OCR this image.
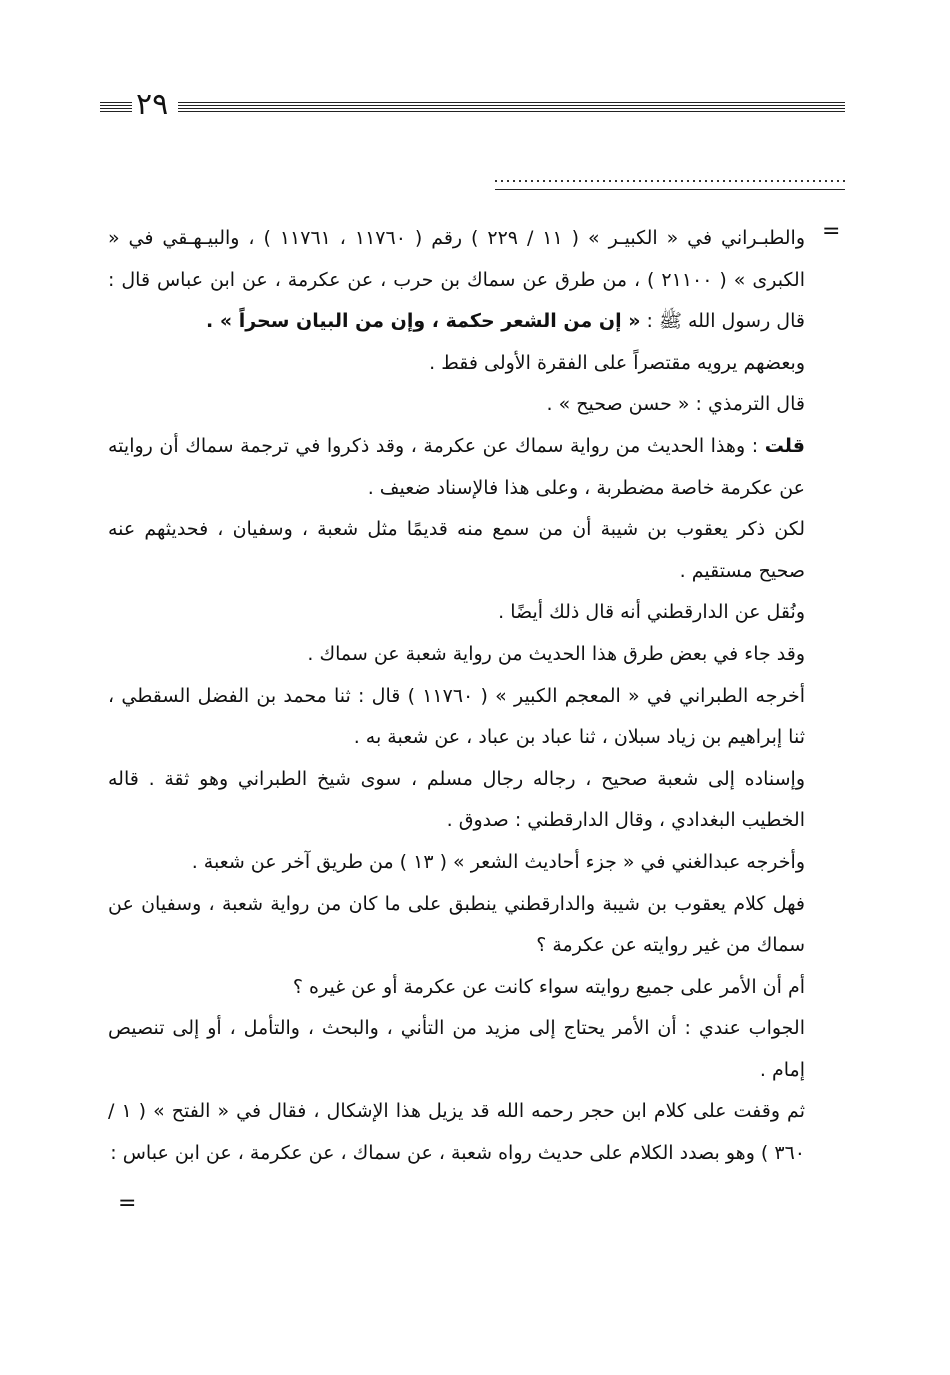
٢٩
=

والطبـراني في « الكبيـر » ( ١١ / ٢٢٩ ) رقم ( ١١٧٦٠ ، ١١٧٦١ ) ، والبيـهـقي في « الكبرى » ( ٢١١٠٠ ) ، من طرق عن سماك بن حرب ، عن عكرمة ، عن ابن عباس قال : قال رسول الله ﷺ : « إن من الشعر حكمة ، وإن من البيان سحراً » .

وبعضهم يرويه مقتصراً على الفقرة الأولى فقط .

قال الترمذي : « حسن صحيح » .

قلت : وهذا الحديث من رواية سماك عن عكرمة ، وقد ذكروا في ترجمة سماك أن روايته عن عكرمة خاصة مضطربة ، وعلى هذا فالإسناد ضعيف .

لكن ذكر يعقوب بن شيبة أن من سمع منه قديمًا مثل شعبة ، وسفيان ، فحديثهم عنه صحيح مستقيم .

ونُقل عن الدارقطني أنه قال ذلك أيضًا .

وقد جاء في بعض طرق هذا الحديث من رواية شعبة عن سماك .

أخرجه الطبراني في « المعجم الكبير » ( ١١٧٦٠ ) قال : ثنا محمد بن الفضل السقطي ، ثنا إبراهيم بن زياد سبلان ، ثنا عباد بن عباد ، عن شعبة به .

وإسناده إلى شعبة صحيح ، رجاله رجال مسلم ، سوى شيخ الطبراني وهو ثقة . قاله الخطيب البغدادي ، وقال الدارقطني : صدوق .

وأخرجه عبدالغني في « جزء أحاديث الشعر » ( ١٣ ) من طريق آخر عن شعبة .

فهل كلام يعقوب بن شيبة والدارقطني ينطبق على ما كان من رواية شعبة ، وسفيان عن سماك من غير روايته عن عكرمة ؟

أم أن الأمر على جميع روايته سواء كانت عن عكرمة أو عن غيره ؟

الجواب عندي : أن الأمر يحتاج إلى مزيد من التأني ، والبحث ، والتأمل ، أو إلى تنصيص إمام .

ثم وقفت على كلام ابن حجر رحمه الله قد يزيل هذا الإشكال ، فقال في « الفتح » ( ١ / ٣٦٠ ) وهو بصدد الكلام على حديث رواه شعبة ، عن سماك ، عن عكرمة ، عن ابن عباس :

=
